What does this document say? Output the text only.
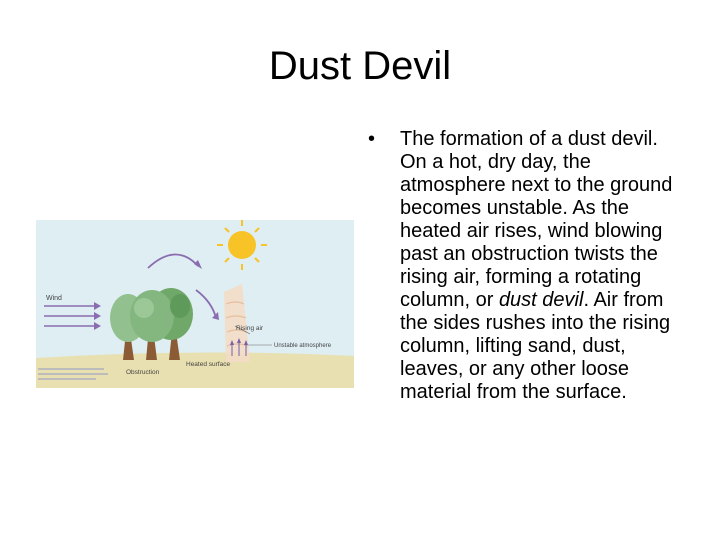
Dust Devil
•	The formation of a dust devil. On a hot, dry day, the atmosphere next to the ground becomes unstable. As the heated air rises, wind blowing past an obstruction twists the rising air, forming a rotating column, or dust devil. Air from the sides rushes into the rising column, lifting sand, dust, leaves, or any other loose material from the surface.
Wind
Rising air
Unstable atmosphere
Heated surface
Obstruction
